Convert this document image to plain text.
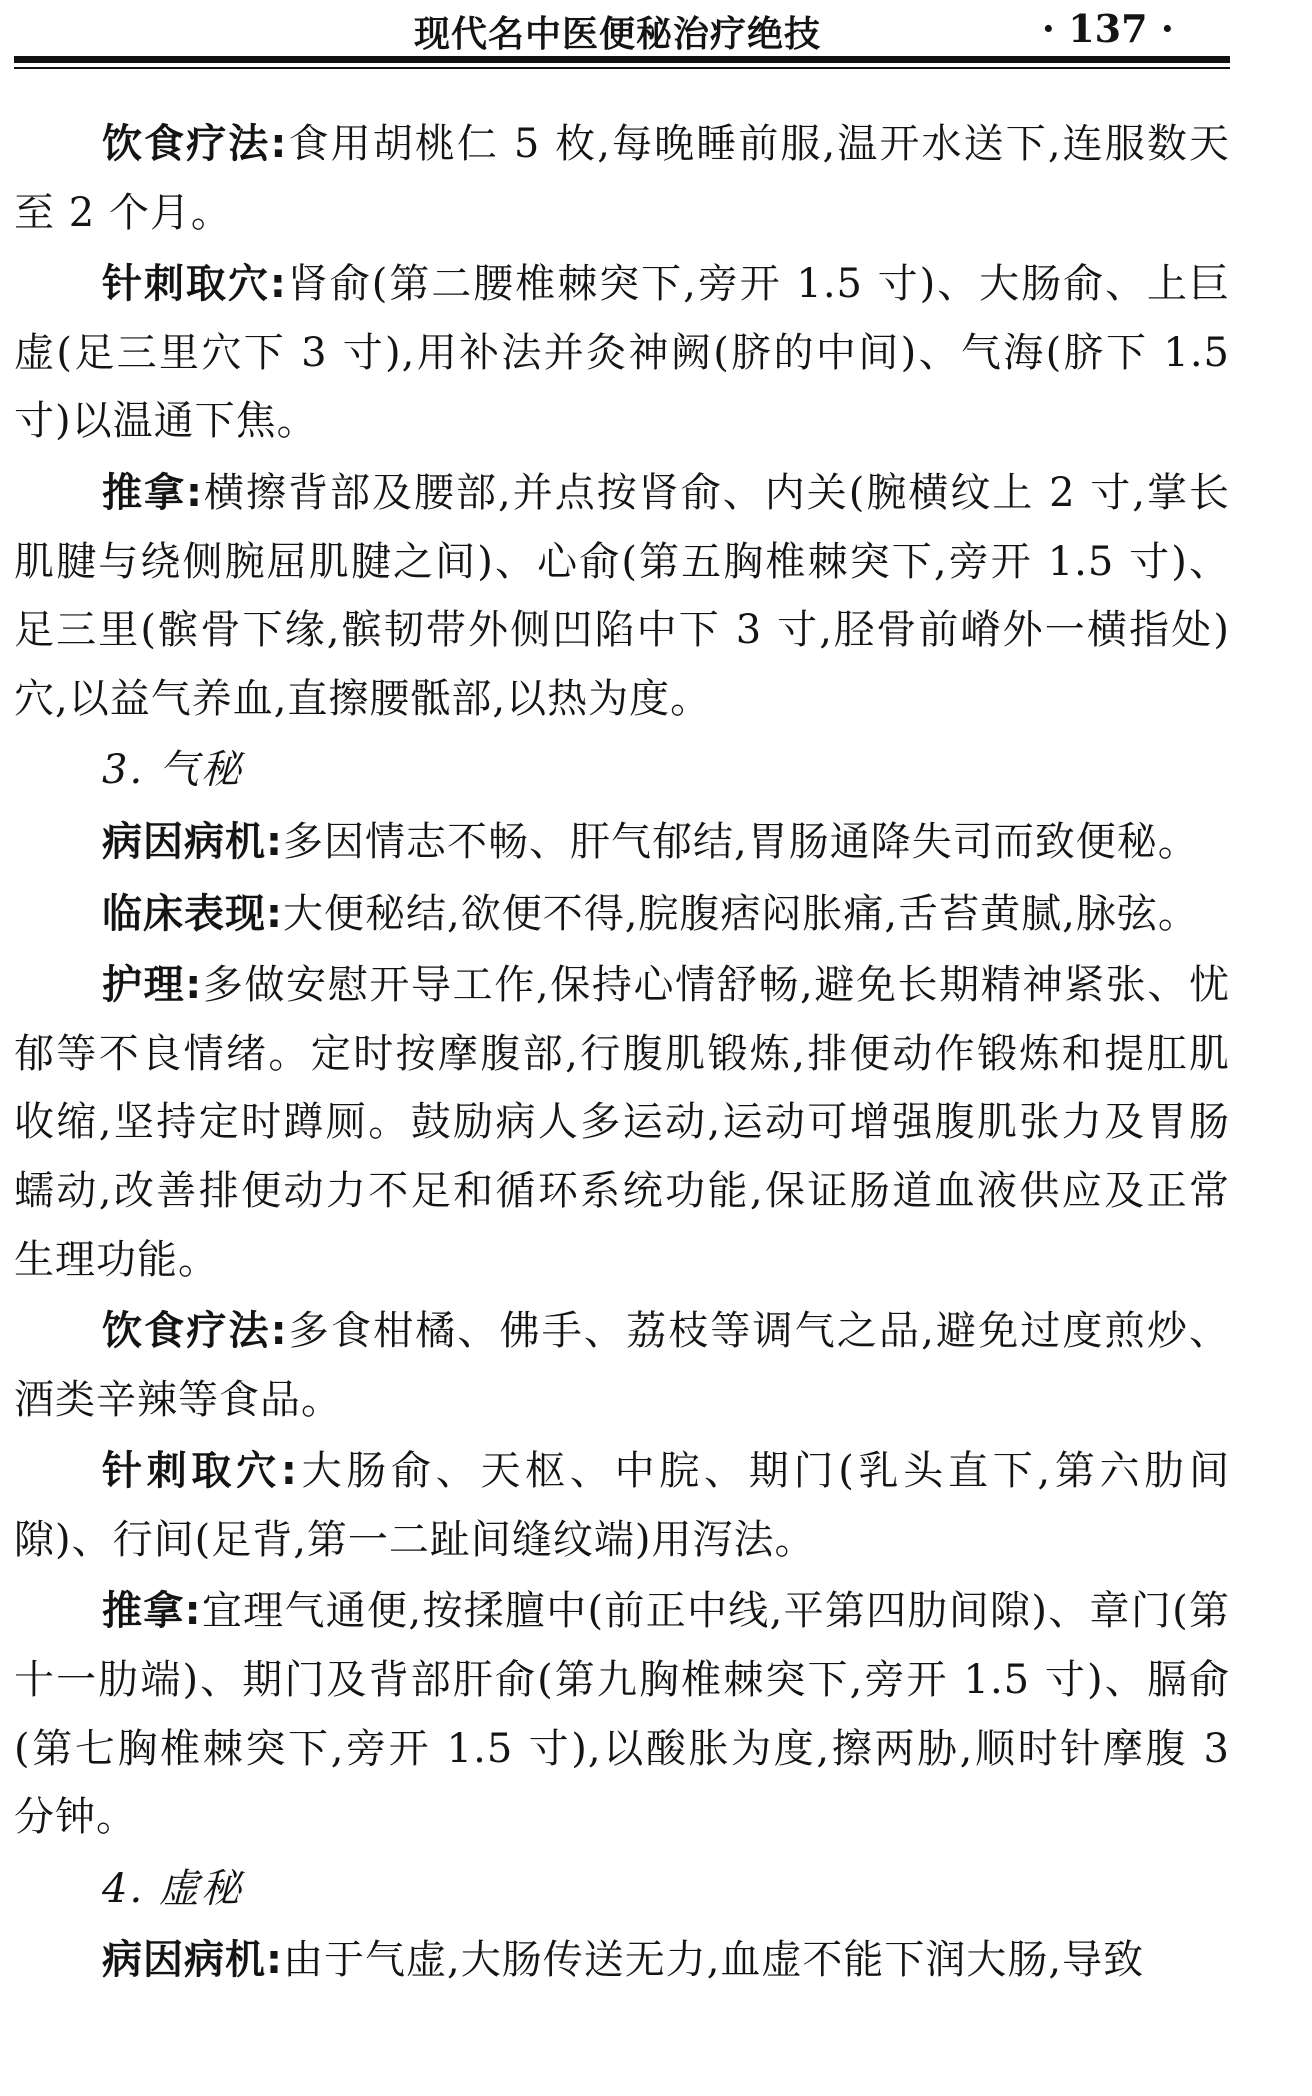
现代名中医便秘治疗绝技	· 137 ·

饮食疗法:食用胡桃仁 5 枚,每晚睡前服,温开水送下,连服数天至 2 个月。

针刺取穴:肾俞(第二腰椎棘突下,旁开 1.5 寸)、大肠俞、上巨虚(足三里穴下 3 寸),用补法并灸神阙(脐的中间)、气海(脐下 1.5 寸)以温通下焦。

推拿:横擦背部及腰部,并点按肾俞、内关(腕横纹上 2 寸,掌长肌腱与绕侧腕屈肌腱之间)、心俞(第五胸椎棘突下,旁开 1.5 寸)、足三里(髌骨下缘,髌韧带外侧凹陷中下 3 寸,胫骨前嵴外一横指处)穴,以益气养血,直擦腰骶部,以热为度。

3. 气秘

病因病机:多因情志不畅、肝气郁结,胃肠通降失司而致便秘。

临床表现:大便秘结,欲便不得,脘腹痞闷胀痛,舌苔黄腻,脉弦。

护理:多做安慰开导工作,保持心情舒畅,避免长期精神紧张、忧郁等不良情绪。定时按摩腹部,行腹肌锻炼,排便动作锻炼和提肛肌收缩,坚持定时蹲厕。鼓励病人多运动,运动可增强腹肌张力及胃肠蠕动,改善排便动力不足和循环系统功能,保证肠道血液供应及正常生理功能。

饮食疗法:多食柑橘、佛手、荔枝等调气之品,避免过度煎炒、酒类辛辣等食品。

针刺取穴:大肠俞、天枢、中脘、期门(乳头直下,第六肋间隙)、行间(足背,第一二趾间缝纹端)用泻法。

推拿:宜理气通便,按揉膻中(前正中线,平第四肋间隙)、章门(第十一肋端)、期门及背部肝俞(第九胸椎棘突下,旁开 1.5 寸)、膈俞(第七胸椎棘突下,旁开 1.5 寸),以酸胀为度,擦两胁,顺时针摩腹 3 分钟。

4. 虚秘

病因病机:由于气虚,大肠传送无力,血虚不能下润大肠,导致
